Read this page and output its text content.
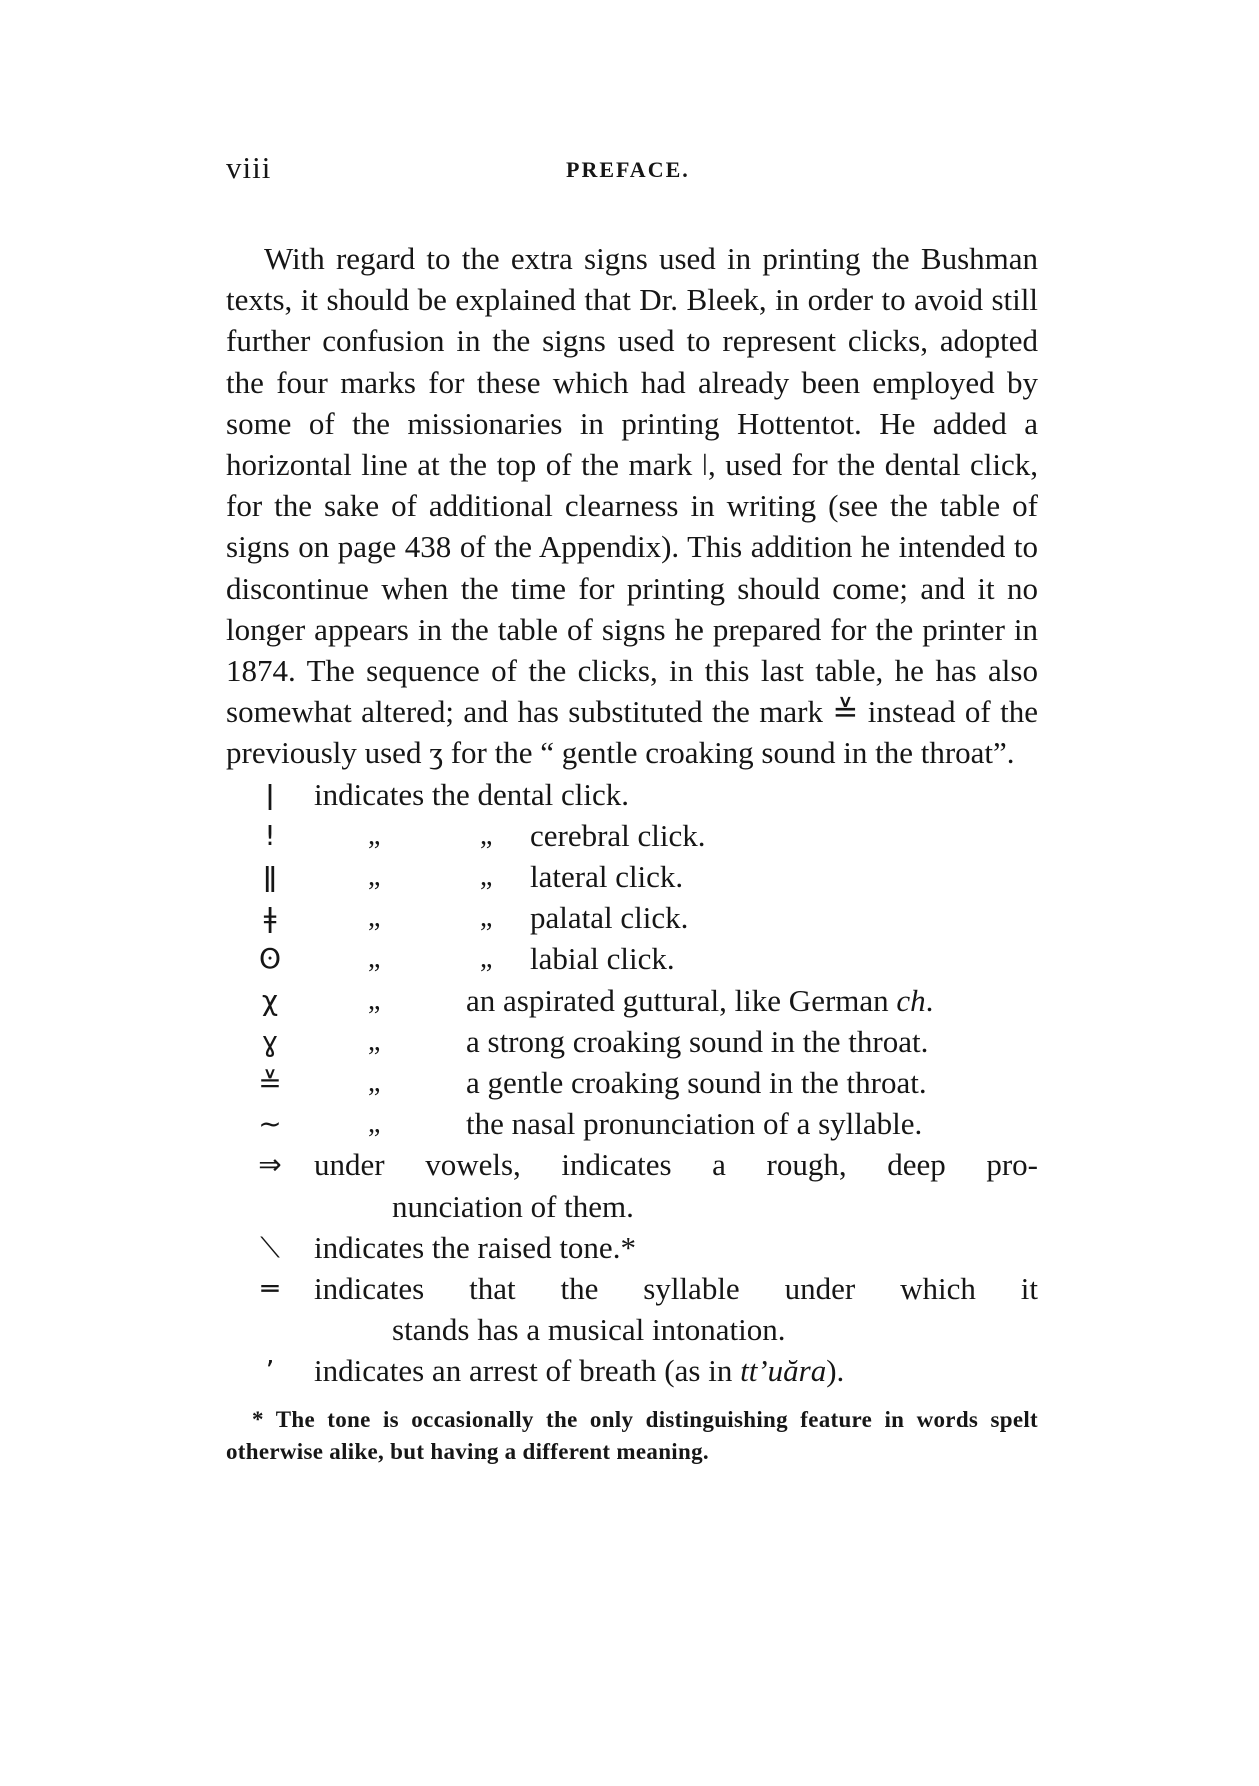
viii	PREFACE.

With regard to the extra signs used in printing the Bushman texts, it should be explained that Dr. Bleek, in order to avoid still further confusion in the signs used to represent clicks, adopted the four marks for these which had already been employed by some of the missionaries in printing Hottentot. He added a horizontal line at the top of the mark ǀ, used for the dental click, for the sake of additional clearness in writing (see the table of signs on page 438 of the Appendix). This addition he intended to discontinue when the time for printing should come; and it no longer appears in the table of signs he prepared for the printer in 1874. The sequence of the clicks, in this last table, he has also somewhat altered; and has substituted the mark ≚ instead of the previously used ʒ for the “ gentle croaking sound in the throat”.

ǀ	indicates the dental click.
!	„	„ cerebral click.
ǁ	„	„ lateral click.
ǂ	„	„ palatal click.
ʘ	„	„ labial click.
χ	„	an aspirated guttural, like German ch.
ɣ	„	a strong croaking sound in the throat.
≚	„	a gentle croaking sound in the throat.
~	„	the nasal pronunciation of a syllable.
⇒ under vowels, indicates a rough, deep pro-
nunciation of them.
⟍ indicates the raised tone.*
═ indicates that the syllable under which it
stands has a musical intonation.
’	indicates an arrest of breath (as in tt’uăra).

* The tone is occasionally the only distinguishing feature in words spelt otherwise alike, but having a different meaning.
